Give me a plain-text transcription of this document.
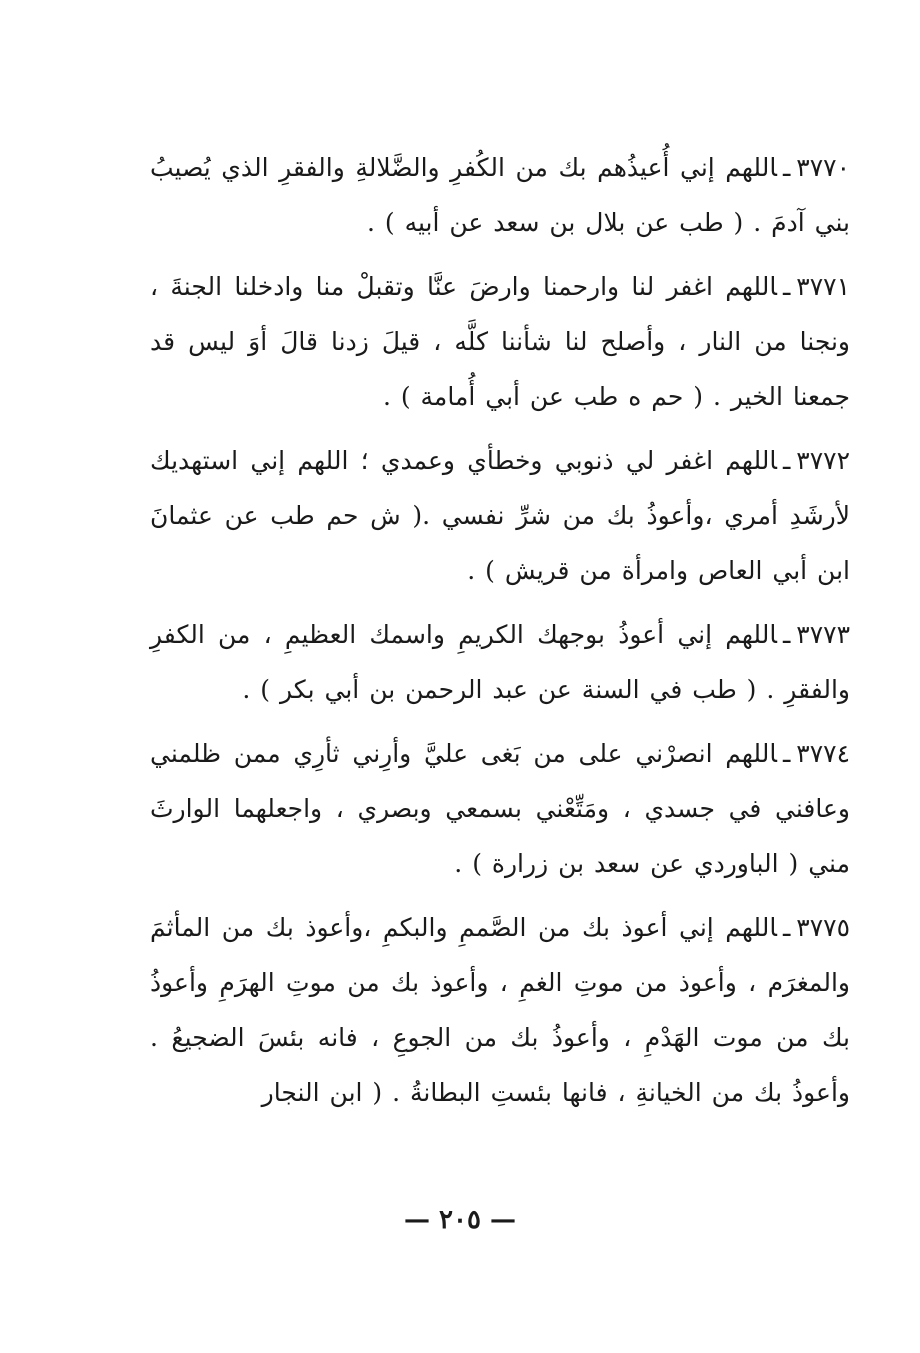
٣٧٧٠ـاللهم إني أُعيذُهم بك من الكُفرِ والضَّلالةِ والفقرِ الذي يُصيبُ بني آدمَ . ( طب عن بلال بن سعد عن أبيه ) .

٣٧٧١ـاللهم اغفر لنا وارحمنا وارضَ عنَّا وتقبلْ منا وادخلنا الجنةَ ، ونجنا من النار ، وأصلح لنا شأننا كلَّه ، قيلَ زدنا قالَ أوَ ليس قد جمعنا الخير . ( حم ه طب عن أبي أُمامة ) .

٣٧٧٢ـاللهم اغفر لي ذنوبي وخطأي وعمدي ؛ اللهم إني استهديك لأرشَدِ أمري ،وأعوذُ بك من شرِّ نفسي .( ش حم طب عن عثمانَ ابن أبي العاص وامرأة من قريش ) .

٣٧٧٣ـاللهم إني أعوذُ بوجهك الكريمِ واسمك العظيمِ ، من الكفرِ والفقرِ . ( طب في السنة عن عبد الرحمن بن أبي بكر ) .

٣٧٧٤ـاللهم انصرْني على من بَغى عليَّ وأرِني ثأرِي ممن ظلمني وعافني في جسدي ، ومَتِّعْني بسمعي وبصري ، واجعلهما الوارثَ مني ( الباوردي عن سعد بن زرارة ) .

٣٧٧٥ـاللهم إني أعوذ بك من الصَّممِ والبكمِ ،وأعوذ بك من المأثمَ والمغرَم ، وأعوذ من موتِ الغمِ ، وأعوذ بك من موتِ الهرَمِ وأعوذُ بك من موت الهَدْمِ ، وأعوذُ بك من الجوعِ ، فانه بئسَ الضجيعُ . وأعوذُ بك من الخيانةِ ، فانها بئستِ البطانةُ . ( ابن النجار

— ٢٠٥ —
